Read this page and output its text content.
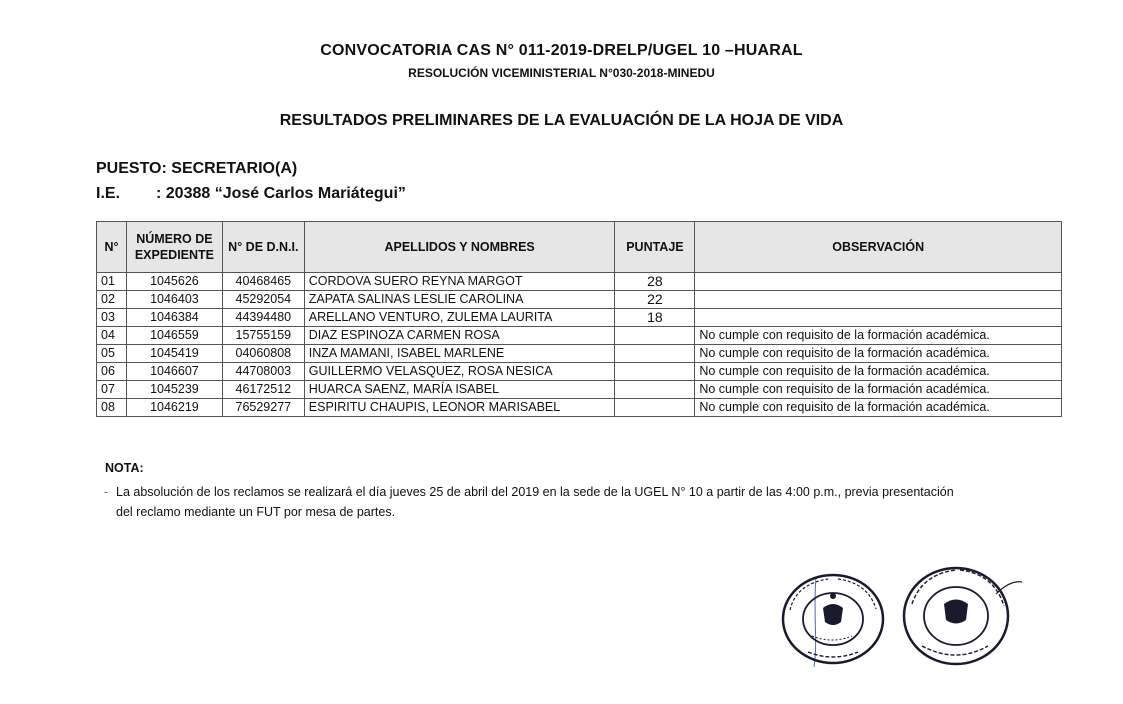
CONVOCATORIA CAS N° 011-2019-DRELP/UGEL 10 –HUARAL
RESOLUCIÓN VICEMINISTERIAL N°030-2018-MINEDU
RESULTADOS PRELIMINARES DE LA EVALUACIÓN DE LA HOJA DE VIDA
PUESTO: SECRETARIO(A)
I.E. : 20388 “José Carlos Mariátegui”
N°	NÚMERO DE EXPEDIENTE	N° DE D.N.I.	APELLIDOS Y NOMBRES	PUNTAJE	OBSERVACIÓN
01	1045626	40468465	CORDOVA SUERO REYNA MARGOT	28	
02	1046403	45292054	ZAPATA SALINAS LESLIE CAROLINA	22	
03	1046384	44394480	ARELLANO VENTURO, ZULEMA LAURITA	18	
04	1046559	15755159	DIAZ ESPINOZA CARMEN ROSA		No cumple con requisito de la formación académica.
05	1045419	04060808	INZA MAMANI, ISABEL MARLENE		No cumple con requisito de la formación académica.
06	1046607	44708003	GUILLERMO VELASQUEZ, ROSA NESICA		No cumple con requisito de la formación académica.
07	1045239	46172512	HUARCA SAENZ, MARÍA ISABEL		No cumple con requisito de la formación académica.
08	1046219	76529277	ESPIRITU CHAUPIS, LEONOR MARISABEL		No cumple con requisito de la formación académica.
NOTA:
- La absolución de los reclamos se realizará el día jueves 25 de abril del 2019 en la sede de la UGEL N° 10 a partir de las 4:00 p.m., previa presentación
del reclamo mediante un FUT por mesa de partes.
